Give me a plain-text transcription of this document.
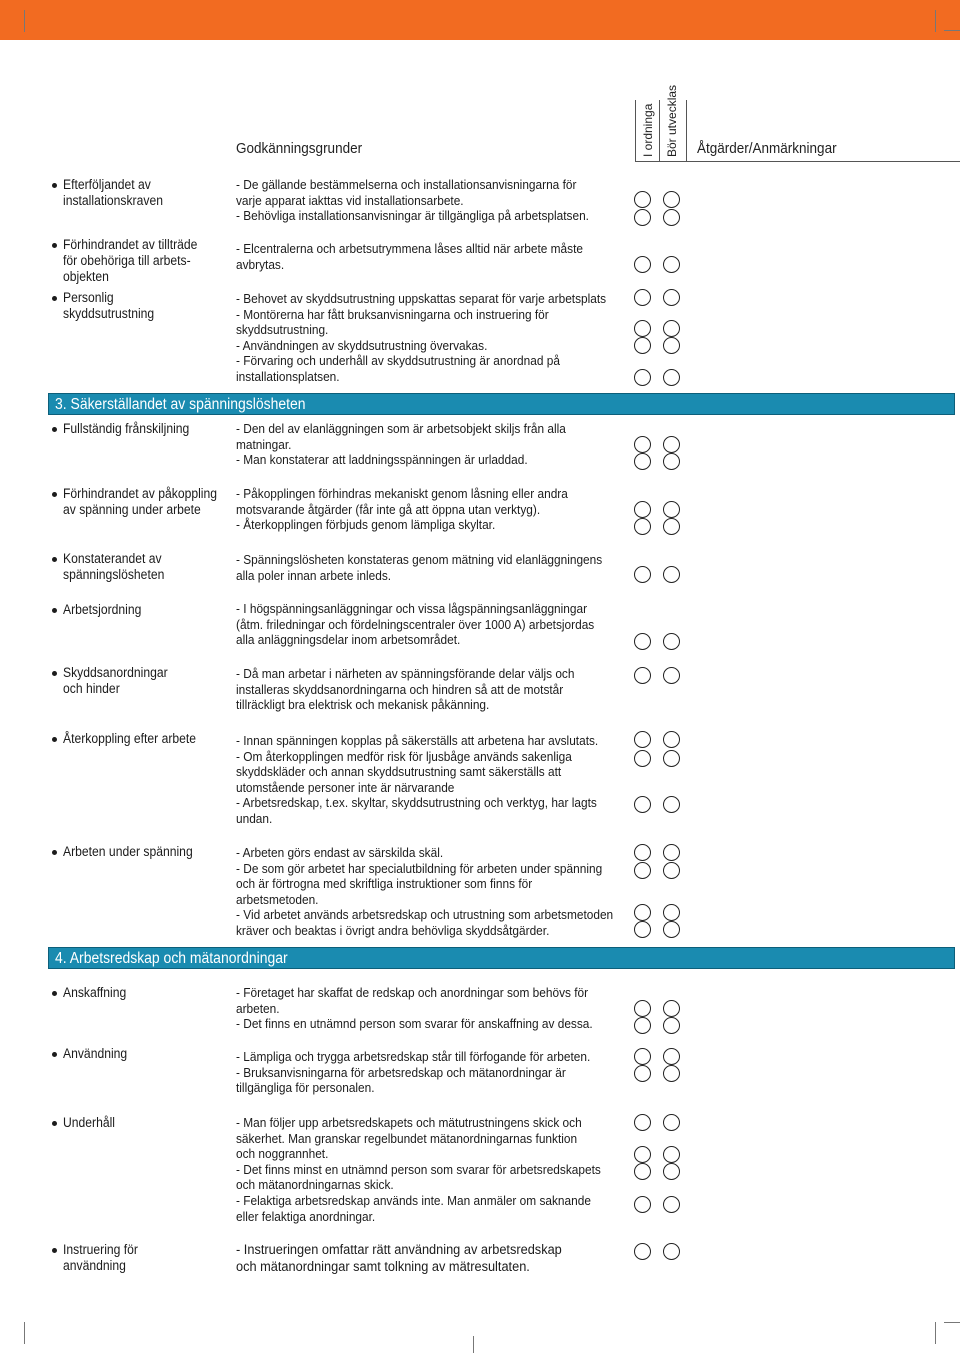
Godkänningsgrunder	I ordninga Bör utvecklas Åtgärder/Anmärkningar
3. Säkerställandet av spänningslösheten
4. Arbetsredskap och mätanordningar
Efterföljandet av
installationskraven
Förhindrandet av tillträde
för obehöriga till arbets-
objekten
Personlig
skyddsutrustning
Fullständig frånskiljning
Förhindrandet av påkoppling
av spänning under arbete
Konstaterandet av
spänningslösheten
Arbetsjordning
Skyddsanordningar
och hinder
Återkoppling efter arbete
Arbeten under spänning
Anskaffning
Användning
Underhåll
Instruering för
användning
- De gällande bestämmelserna och installationsanvisningarna för
varje apparat iakttas vid installationsarbete.
- Behövliga installationsanvisningar är tillgängliga på arbetsplatsen.
- Elcentralerna och arbetsutrymmena låses alltid när arbete måste
avbrytas.
- Behovet av skyddsutrustning uppskattas separat för varje arbetsplats
- Montörerna har fått bruksanvisningarna och instruering för
skyddsutrustning.
- Användningen av skyddsutrustning övervakas.
- Förvaring och underhåll av skyddsutrustning är anordnad på
installationsplatsen.
- Den del av elanläggningen som är arbetsobjekt skiljs från alla
matningar.
- Man konstaterar att laddningsspänningen är urladdad.
- Påkopplingen förhindras mekaniskt genom låsning eller andra
motsvarande åtgärder (får inte gå att öppna utan verktyg).
- Återkopplingen förbjuds genom lämpliga skyltar.
- Spänningslösheten konstateras genom mätning vid elanläggningens
alla poler innan arbete inleds.
- I högspänningsanläggningar och vissa lågspänningsanläggningar
(åtm. friledningar och fördelningscentraler över 1000 A) arbetsjordas
alla anläggningsdelar inom arbetsområdet.
- Då man arbetar i närheten av spänningsförande delar väljs och
installeras skyddsanordningarna och hindren så att de motstår
tillräckligt bra elektrisk och mekanisk påkänning.
- Innan spänningen kopplas på säkerställs att arbetena har avslutats.
- Om återkopplingen medför risk för ljusbåge används sakenliga
skyddskläder och annan skyddsutrustning samt säkerställs att
utomstående personer inte är närvarande
- Arbetsredskap, t.ex. skyltar, skyddsutrustning och verktyg, har lagts
undan.
- Arbeten görs endast av särskilda skäl.
- De som gör arbetet har specialutbildning för arbeten under spänning
och är förtrogna med skriftliga instruktioner som finns för
arbetsmetoden.
- Vid arbetet används arbetsredskap och utrustning som arbetsmetoden
kräver och beaktas i övrigt andra behövliga skyddsåtgärder.
- Företaget har skaffat de redskap och anordningar som behövs för
arbeten.
- Det finns en utnämnd person som svarar för anskaffning av dessa.
- Lämpliga och trygga arbetsredskap står till förfogande för arbeten.
- Bruksanvisningarna för arbetsredskap och mätanordningar är
tillgängliga för personalen.
- Man följer upp arbetsredskapets och mätutrustningens skick och
säkerhet. Man granskar regelbundet mätanordningarnas funktion
och noggrannhet.
- Det finns minst en utnämnd person som svarar för arbetsredskapets
och mätanordningarnas skick.
- Felaktiga arbetsredskap används inte. Man anmäler om saknande
eller felaktiga anordningar.
- Instrueringen omfattar rätt användning av arbetsredskap
och mätanordningar samt tolkning av mätresultaten.
